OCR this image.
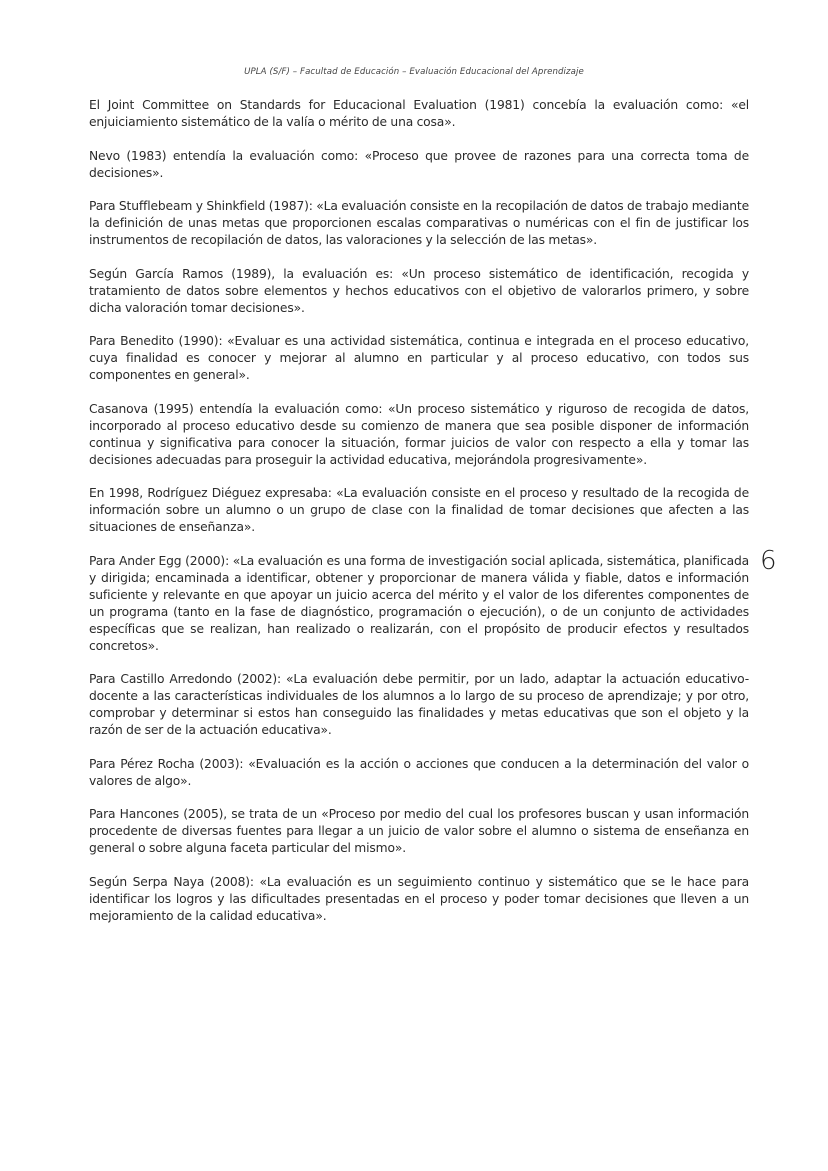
UPLA (S/F) – Facultad de Educación – Evaluación Educacional del Aprendizaje

El Joint Committee on Standards for Educacional Evaluation (1981) concebía la evaluación como: «el enjuiciamiento sistemático de la valía o mérito de una cosa».

Nevo (1983) entendía la evaluación como: «Proceso que provee de razones para una correcta toma de decisiones».

Para Stufflebeam y Shinkfield (1987): «La evaluación consiste en la recopilación de datos de trabajo mediante la definición de unas metas que proporcionen escalas comparativas o numéricas con el fin de justificar los instrumentos de recopilación de datos, las valoraciones y la selección de las metas».

Según García Ramos (1989), la evaluación es: «Un proceso sistemático de identificación, recogida y tratamiento de datos sobre elementos y hechos educativos con el objetivo de valorarlos primero, y sobre dicha valoración tomar decisiones».

Para Benedito (1990): «Evaluar es una actividad sistemática, continua e integrada en el proceso educativo, cuya finalidad es conocer y mejorar al alumno en particular y al proceso educativo, con todos sus componentes en general».

Casanova (1995) entendía la evaluación como: «Un proceso sistemático y riguroso de recogida de datos, incorporado al proceso educativo desde su comienzo de manera que sea posible disponer de información continua y significativa para conocer la situación, formar juicios de valor con respecto a ella y tomar las decisiones adecuadas para proseguir la actividad educativa, mejorándola progresivamente».

En 1998, Rodríguez Diéguez expresaba: «La evaluación consiste en el proceso y resultado de la recogida de información sobre un alumno o un grupo de clase con la finalidad de tomar decisiones que afecten a las situaciones de enseñanza».

Para Ander Egg (2000): «La evaluación es una forma de investigación social aplicada, sistemática, planificada y dirigida; encaminada a identificar, obtener y proporcionar de manera válida y fiable, datos e información suficiente y relevante en que apoyar un juicio acerca del mérito y el valor de los diferentes componentes de un programa (tanto en la fase de diagnóstico, programación o ejecución), o de un conjunto de actividades específicas que se realizan, han realizado o realizarán, con el propósito de producir efectos y resultados concretos».

Para Castillo Arredondo (2002): «La evaluación debe permitir, por un lado, adaptar la actuación educativo-docente a las características individuales de los alumnos a lo largo de su proceso de aprendizaje; y por otro, comprobar y determinar si estos han conseguido las finalidades y metas educativas que son el objeto y la razón de ser de la actuación educativa».

Para Pérez Rocha (2003): «Evaluación es la acción o acciones que conducen a la determinación del valor o valores de algo».

Para Hancones (2005), se trata de un «Proceso por medio del cual los profesores buscan y usan información procedente de diversas fuentes para llegar a un juicio de valor sobre el alumno o sistema de enseñanza en general o sobre alguna faceta particular del mismo».

Según Serpa Naya (2008): «La evaluación es un seguimiento continuo y sistemático que se le hace para identificar los logros y las dificultades presentadas en el proceso y poder tomar decisiones que lleven a un mejoramiento de la calidad educativa».

6
